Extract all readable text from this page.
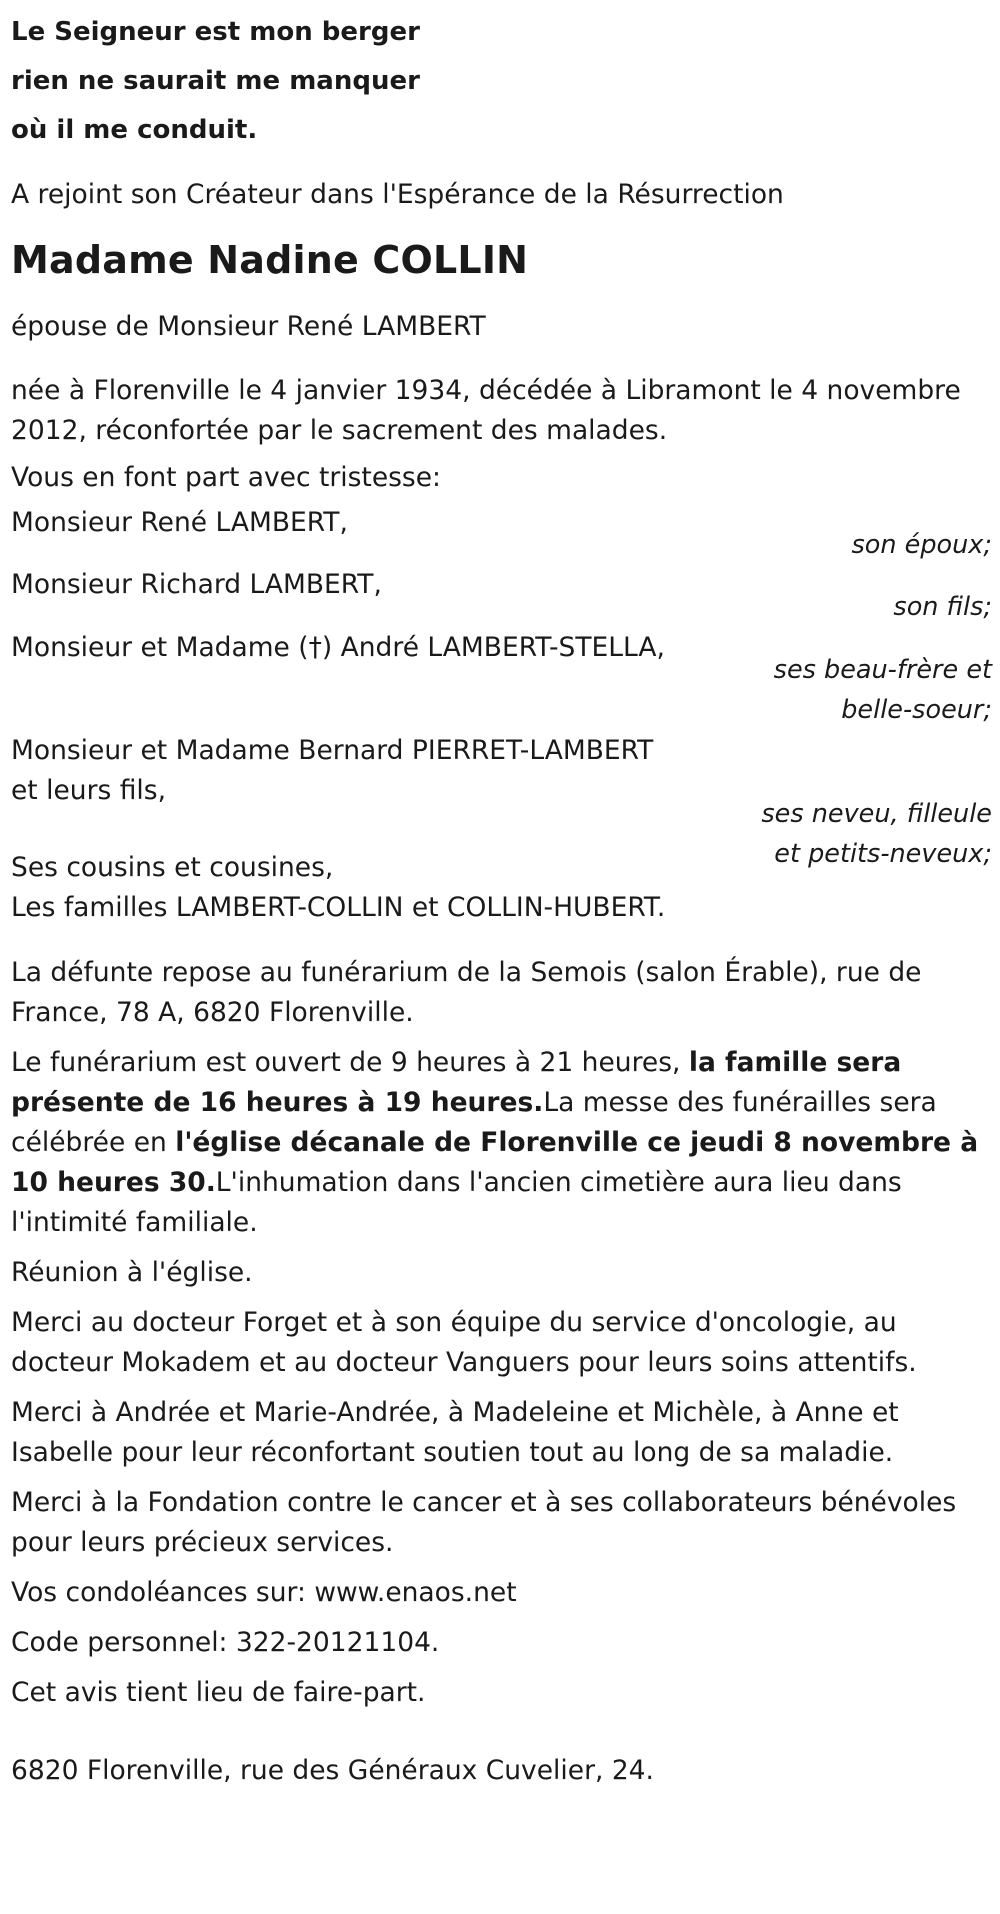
Le Seigneur est mon berger

rien ne saurait me manquer

où il me conduit.

A rejoint son Créateur dans l'Espérance de la Résurrection

Madame Nadine COLLIN

épouse de Monsieur René LAMBERT

née à Florenville le 4 janvier 1934, décédée à Libramont le 4 novembre 2012, réconfortée par le sacrement des malades.

Vous en font part avec tristesse:

Monsieur René LAMBERT,
son époux;
Monsieur Richard LAMBERT,
son fils;
Monsieur et Madame (†) André LAMBERT-STELLA,
ses beau-frère et
belle-soeur;
Monsieur et Madame Bernard PIERRET-LAMBERT
et leurs fils,
ses neveu, filleule
et petits-neveux;

Ses cousins et cousines,

Les familles LAMBERT-COLLIN et COLLIN-HUBERT.

La défunte repose au funérarium de la Semois (salon Érable), rue de France, 78 A, 6820 Florenville.

Le funérarium est ouvert de 9 heures à 21 heures, la famille sera présente de 16 heures à 19 heures.La messe des funérailles sera célébrée en l'église décanale de Florenville ce jeudi 8 novembre à 10 heures 30.L'inhumation dans l'ancien cimetière aura lieu dans l'intimité familiale.

Réunion à l'église.

Merci au docteur Forget et à son équipe du service d'oncologie, au docteur Mokadem et au docteur Vanguers pour leurs soins attentifs.

Merci à Andrée et Marie-Andrée, à Madeleine et Michèle, à Anne et Isabelle pour leur réconfortant soutien tout au long de sa maladie.

Merci à la Fondation contre le cancer et à ses collaborateurs bénévoles pour leurs précieux services.

Vos condoléances sur: www.enaos.net

Code personnel: 322-20121104.

Cet avis tient lieu de faire-part.

6820 Florenville, rue des Généraux Cuvelier, 24.
